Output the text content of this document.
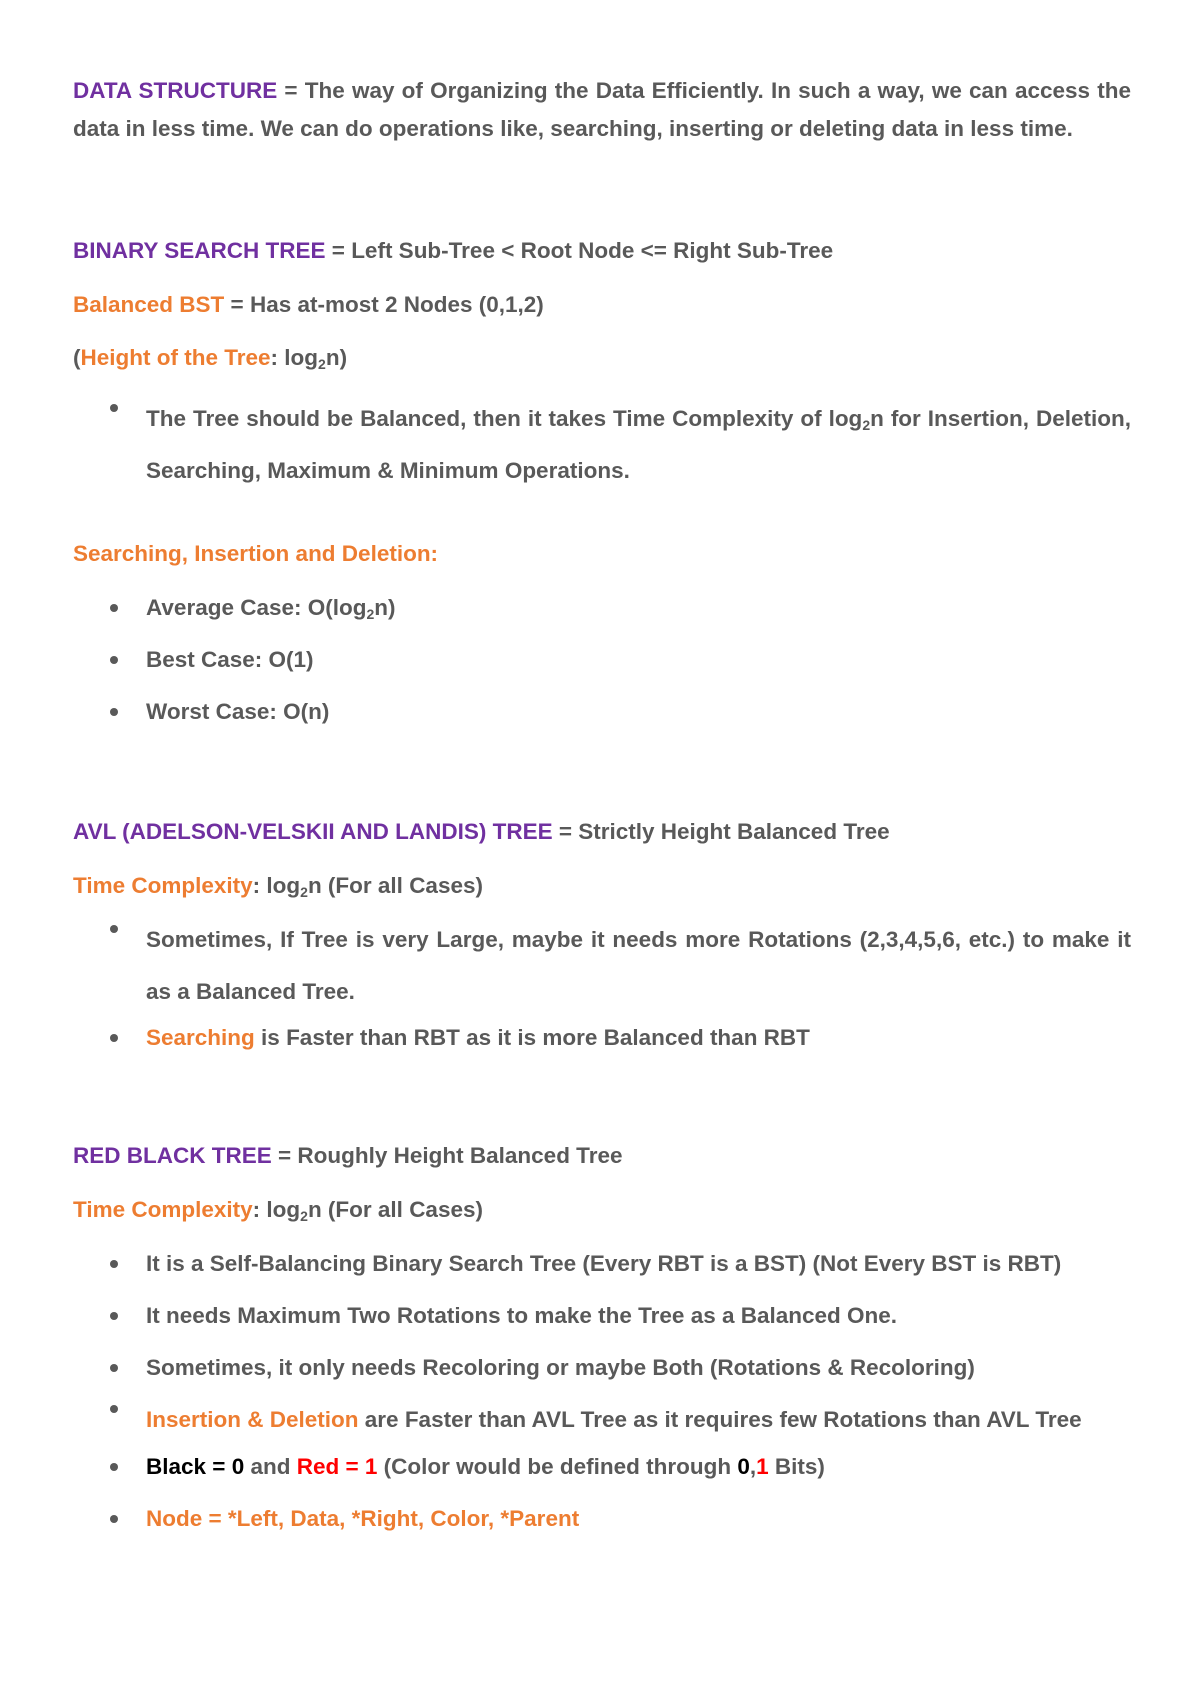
DATA STRUCTURE = The way of Organizing the Data Efficiently. In such a way, we can access the data in less time. We can do operations like, searching, inserting or deleting data in less time.

BINARY SEARCH TREE = Left Sub-Tree < Root Node <= Right Sub-Tree

Balanced BST = Has at-most 2 Nodes (0,1,2)

(Height of the Tree: $\log_2n$)

The Tree should be Balanced, then it takes Time Complexity of $\log_2n$ for Insertion, Deletion, Searching, Maximum & Minimum Operations.

Searching, Insertion and Deletion:

Average Case: $O(\log_2n)$
Best Case: O(1)
Worst Case: O(n)

AVL (ADELSON-VELSKII AND LANDIS) TREE = Strictly Height Balanced Tree

Time Complexity: $\log_2n$ (For all Cases)

Sometimes, If Tree is very Large, maybe it needs more Rotations (2,3,4,5,6, etc.) to make it as a Balanced Tree.
Searching is Faster than RBT as it is more Balanced than RBT

RED BLACK TREE = Roughly Height Balanced Tree

Time Complexity: $\log_2n$ (For all Cases)

It is a Self-Balancing Binary Search Tree (Every RBT is a BST) (Not Every BST is RBT)
It needs Maximum Two Rotations to make the Tree as a Balanced One.
Sometimes, it only needs Recoloring or maybe Both (Rotations & Recoloring)
Insertion & Deletion are Faster than AVL Tree as it requires few Rotations than AVL Tree
Black = 0 and Red = 1 (Color would be defined through 0,1 Bits)
Node = *Left, Data, *Right, Color, *Parent
